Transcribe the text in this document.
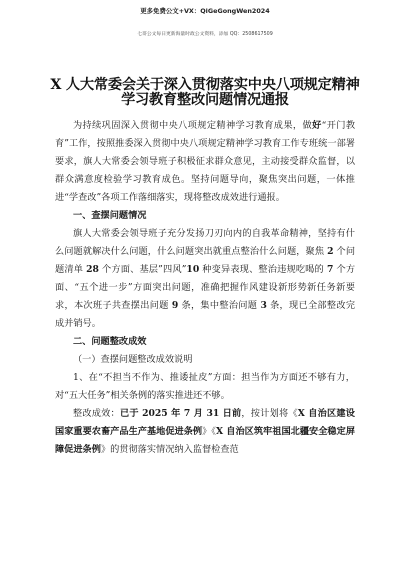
更多免费公文+VX：QiGeGongWen2024
七哥公文每日更新海量时政公文资料，添加 QQ：2508617509
X 人大常委会关于深入贯彻落实中央八项规定精神学习教育整改问题情况通报

为持续巩固深入贯彻中央八项规定精神学习教育成果，做好“开门教育”工作，按照推委深入贯彻中央八项规定精神学习教育工作专班统一部署要求，旗人大常委会领导班子积极征求群众意见，主动接受群众监督，以群众满意度检验学习教育成色。坚持问题导向，聚焦突出问题，一体推进“学查改”各项工作落细落实，现将整改成效进行通报。

一、查摆问题情况

旗人大常委会领导班子充分发扬刀刃向内的自我革命精神，坚持有什么问题就解决什么问题，什么问题突出就重点整治什么问题，聚焦 2 个问题清单 28 个方面、基层”四风”10 种变异表现、整治违规吃喝的 7 个方面、“五个进一步”方面突出问题，准确把握作风建设新形势新任务新要求，本次班子共查摆出问题 9 条，集中整治问题 3 条，现已全部整改完成并销号。

二、问题整改成效
（一）查摆问题整改成效说明

1、在“不担当不作为、推诿扯皮”方面：担当作为方面还不够有力，对“五大任务”相关条例的落实推进还不够。

整改成效：已于 2025 年 7 月 31 日前，按计划将《X 自治区建设国家重要农畜产品生产基地促进条例》《X 自治区筑牢祖国北疆安全稳定屏障促进条例》的贯彻落实情况纳入监督检查范
